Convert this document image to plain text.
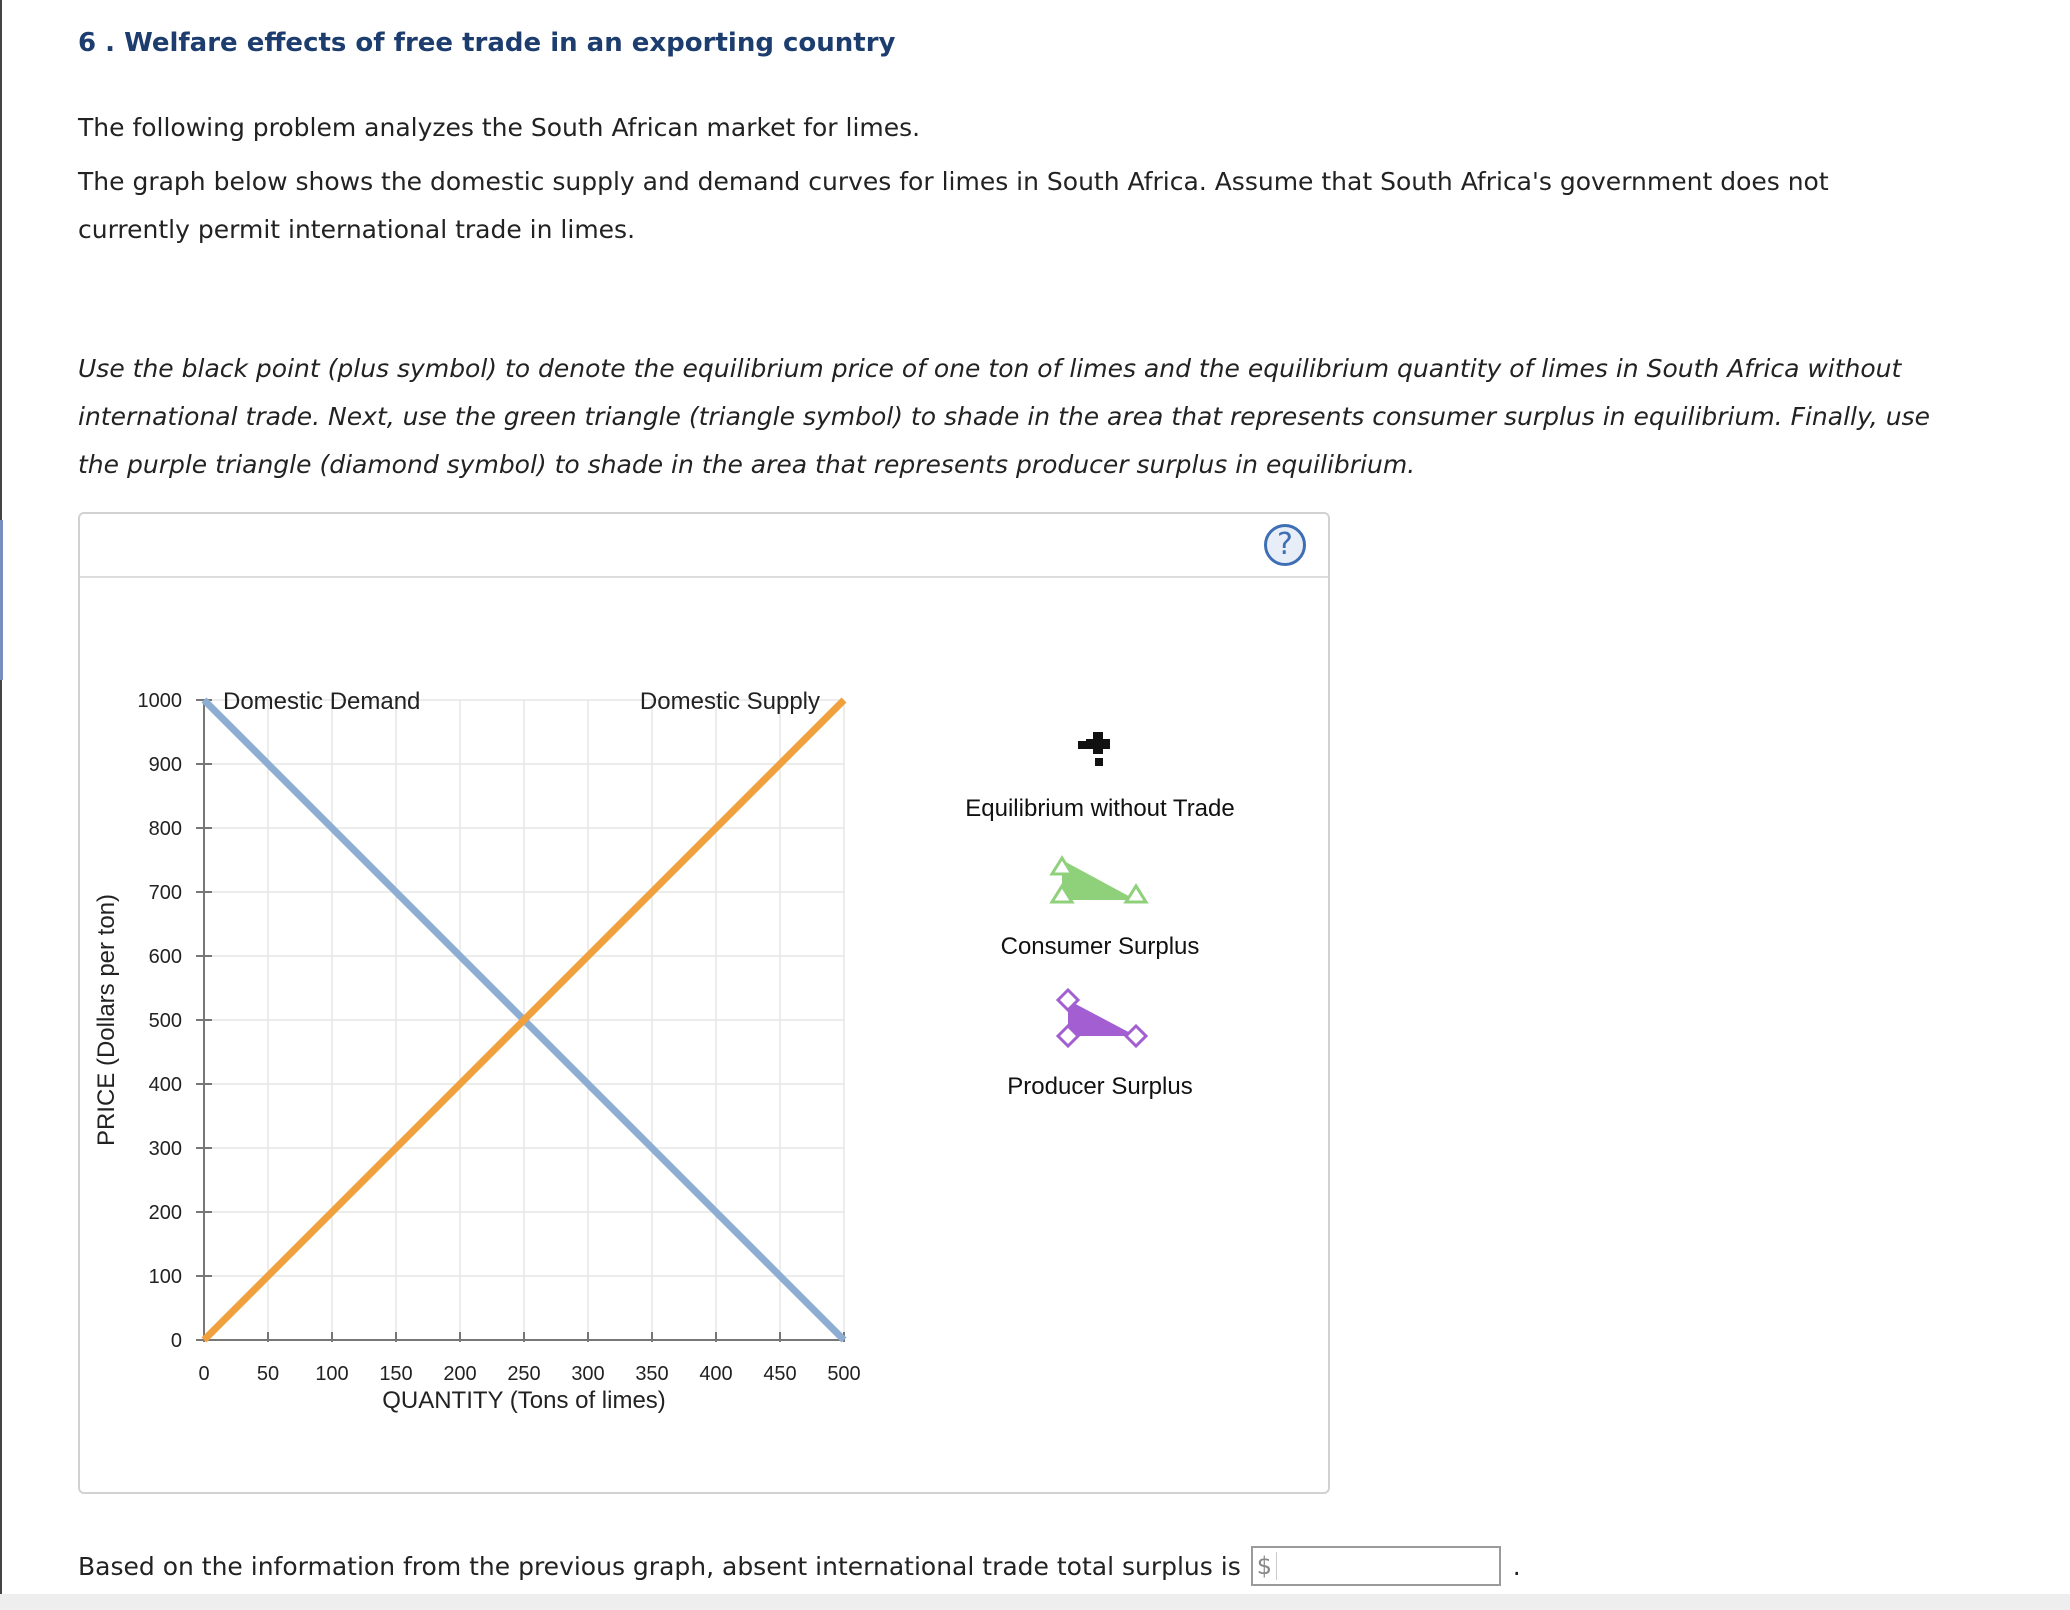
6 . Welfare effects of free trade in an exporting country

The following problem analyzes the South African market for limes.

The graph below shows the domestic supply and demand curves for limes in South Africa. Assume that South Africa's government does not currently permit international trade in limes.

Use the black point (plus symbol) to denote the equilibrium price of one ton of limes and the equilibrium quantity of limes in South Africa without international trade. Next, use the green triangle (triangle symbol) to shade in the area that represents consumer surplus in equilibrium. Finally, use the purple triangle (diamond symbol) to shade in the area that represents producer surplus in equilibrium.

?
0 50 100 150 200 250 300 350 400 450 500
0
100
200
300
400
500
600
700
800
900
1000
QUANTITY (Tons of limes)
PRICE (Dollars per ton)
Domestic Demand	Domestic Supply
Equilibrium without Trade
Consumer Surplus
Producer Surplus
Based on the information from the previous graph, absent international trade total surplus is $	.
